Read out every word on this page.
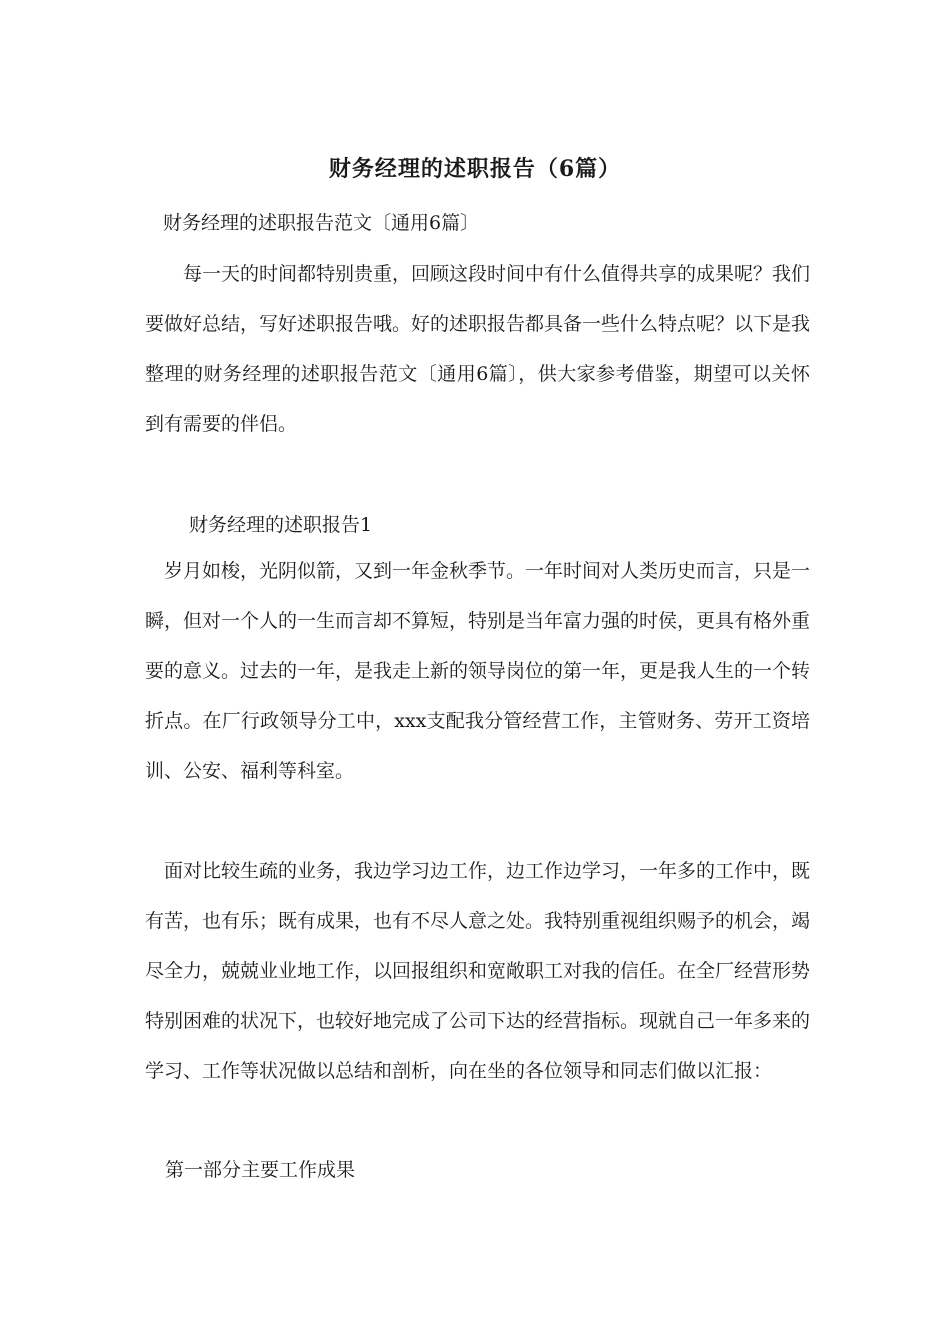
财务经理的述职报告（6篇）
财务经理的述职报告范文〔通用6篇〕
每一天的时间都特别贵重，回顾这段时间中有什么值得共享的成果呢？我们要做好总结，写好述职报告哦。好的述职报告都具备一些什么特点呢？以下是我整理的财务经理的述职报告范文〔通用6篇〕，供大家参考借鉴，期望可以关怀到有需要的伴侣。
财务经理的述职报告1
岁月如梭，光阴似箭，又到一年金秋季节。一年时间对人类历史而言，只是一瞬，但对一个人的一生而言却不算短，特别是当年富力强的时侯，更具有格外重要的意义。过去的一年，是我走上新的领导岗位的第一年，更是我人生的一个转折点。在厂行政领导分工中，xxx支配我分管经营工作，主管财务、劳开工资培训、公安、福利等科室。
面对比较生疏的业务，我边学习边工作，边工作边学习，一年多的工作中，既有苦，也有乐；既有成果，也有不尽人意之处。我特别重视组织赐予的机会，竭尽全力，兢兢业业地工作，以回报组织和宽敞职工对我的信任。在全厂经营形势特别困难的状况下，也较好地完成了公司下达的经营指标。现就自己一年多来的学习、工作等状况做以总结和剖析，向在坐的各位领导和同志们做以汇报：
第一部分主要工作成果
